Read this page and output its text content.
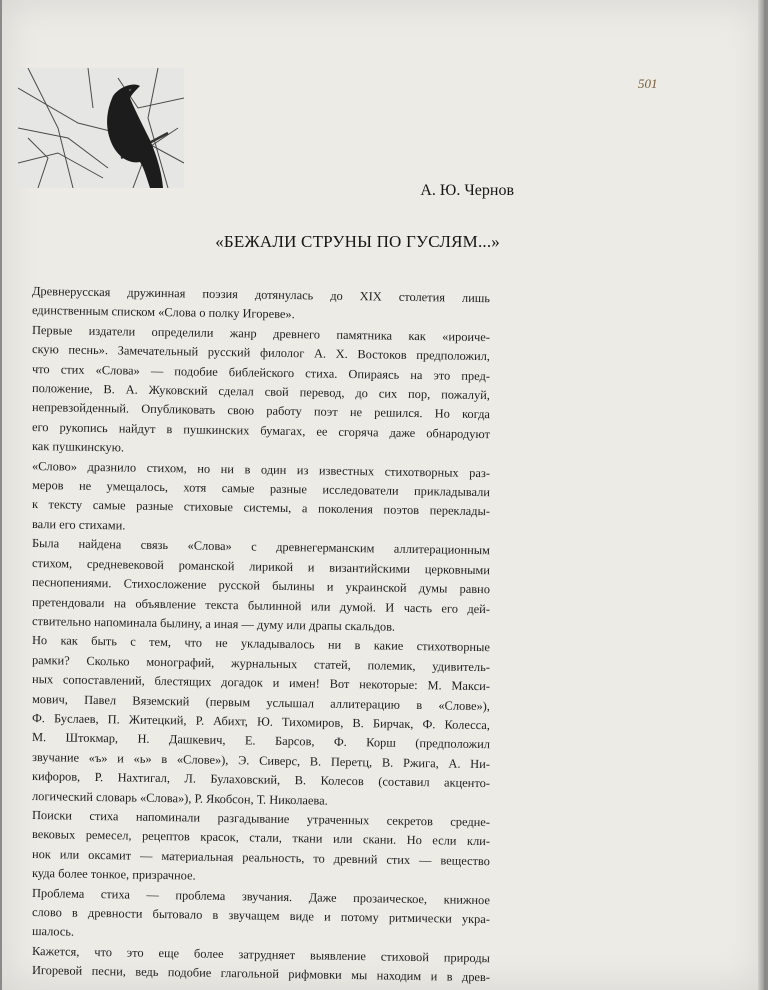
501
А. Ю. Чернов
«БЕЖАЛИ СТРУНЫ ПО ГУСЛЯМ...»
Древнерусская дружинная поэзия дотянулась до XIX столетия лишь
единственным списком «Слова о полку Игореве».
Первые издатели определили жанр древнего памятника как «ироиче-
скую песнь». Замечательный русский филолог А. Х. Востоков предположил,
что стих «Слова» — подобие библейского стиха. Опираясь на это пред-
положение, В. А. Жуковский сделал свой перевод, до сих пор, пожалуй,
непревзойденный. Опубликовать свою работу поэт не решился. Но когда
его рукопись найдут в пушкинских бумагах, ее сгоряча даже обнародуют
как пушкинскую.
«Слово» дразнило стихом, но ни в один из известных стихотворных раз-
меров не умещалось, хотя самые разные исследователи прикладывали
к тексту самые разные стиховые системы, а поколения поэтов переклады-
вали его стихами.
Была найдена связь «Слова» с древнегерманским аллитерационным
стихом, средневековой романской лирикой и византийскими церковными
песнопениями. Стихосложение русской былины и украинской думы равно
претендовали на объявление текста былинной или думой. И часть его дей-
ствительно напоминала былину, а иная — думу или драпы скальдов.
Но как быть с тем, что не укладывалось ни в какие стихотворные
рамки? Сколько монографий, журнальных статей, полемик, удивитель-
ных сопоставлений, блестящих догадок и имен! Вот некоторые: М. Макси-
мович, Павел Вяземский (первым услышал аллитерацию в «Слове»),
Ф. Буслаев, П. Житецкий, Р. Абихт, Ю. Тихомиров, В. Бирчак, Ф. Колесса,
М. Штокмар, Н. Дашкевич, Е. Барсов, Ф. Корш (предположил
звучание «ъ» и «ь» в «Слове»), Э. Сиверс, В. Перетц, В. Ржига, А. Ни-
кифоров, Р. Нахтигал, Л. Булаховский, В. Колесов (составил акценто-
логический словарь «Слова»), Р. Якобсон, Т. Николаева.
Поиски стиха напоминали разгадывание утраченных секретов средне-
вековых ремесел, рецептов красок, стали, ткани или скани. Но если кли-
нок или оксамит — материальная реальность, то древний стих — вещество
куда более тонкое, призрачное.
Проблема стиха — проблема звучания. Даже прозаическое, книжное
слово в древности бытовало в звучащем виде и потому ритмически укра-
шалось.
Кажется, что это еще более затрудняет выявление стиховой природы
Игоревой песни, ведь подобие глагольной рифмовки мы находим и в древ-
